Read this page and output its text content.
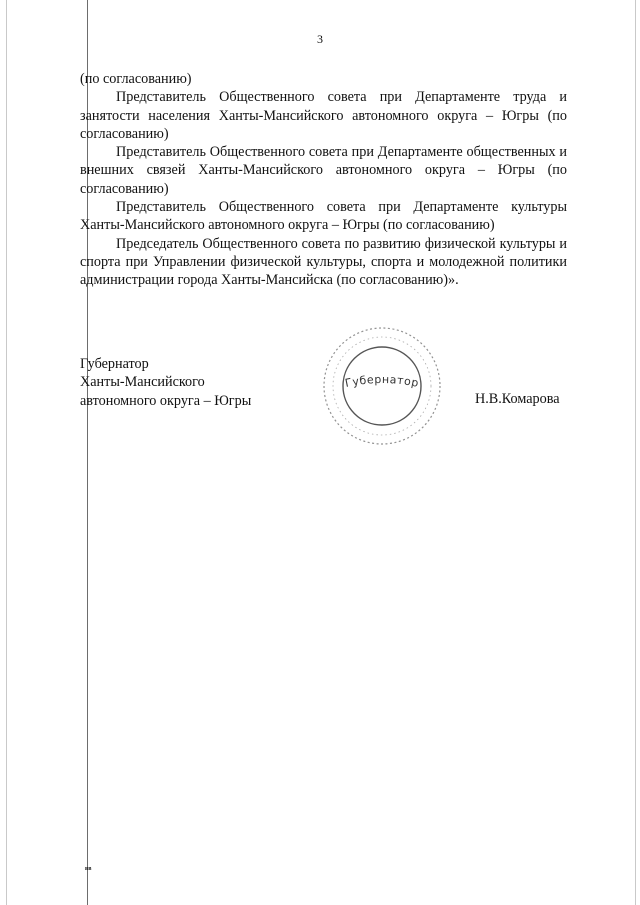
3

(по согласованию)

Представитель Общественного совета при Департаменте труда и занятости населения Ханты-Мансийского автономного округа – Югры (по согласованию)

Представитель Общественного совета при Департаменте общественных и внешних связей Ханты-Мансийского автономного округа – Югры (по согласованию)

Представитель Общественного совета при Департаменте культуры Ханты-Мансийского автономного округа – Югры (по согласованию)

Председатель Общественного совета по развитию физической культуры и спорта при Управлении физической культуры, спорта и молодежной политики администрации города Ханты-Мансийска (по согласованию)».

Губернатор
Ханты-Мансийского
автономного округа – Югры
Губернатор
Н.В.Комарова
вв
